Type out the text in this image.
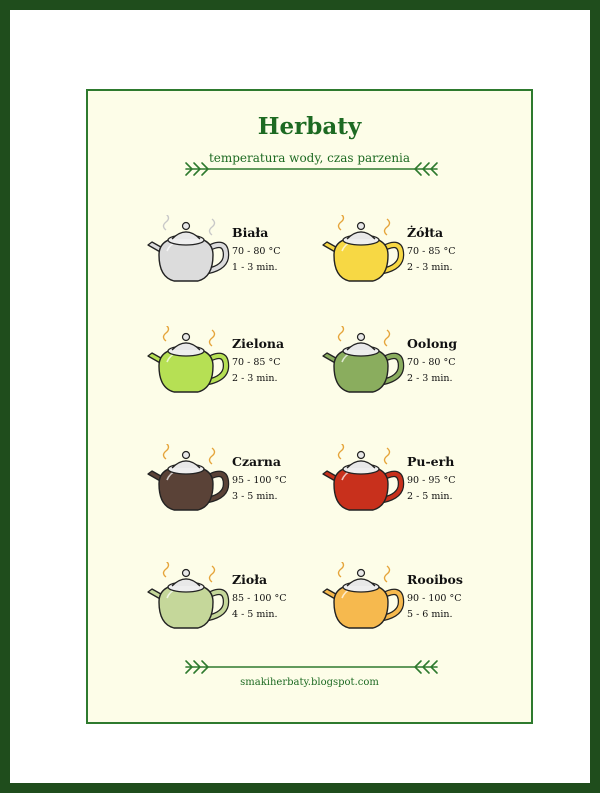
Herbaty
temperatura wody, czas parzenia
Biała
70 - 80 °C
1 - 3 min.
Żółta
70 - 85 °C
2 - 3 min.
Zielona
70 - 85 °C
2 - 3 min.
Oolong
70 - 80 °C
2 - 3 min.
Czarna
95 - 100 °C
3 - 5 min.
Pu-erh
90 - 95 °C
2 - 5 min.
Zioła
85 - 100 °C
4 - 5 min.
Rooibos
90 - 100 °C
5 - 6 min.
smakiherbaty.blogspot.com
